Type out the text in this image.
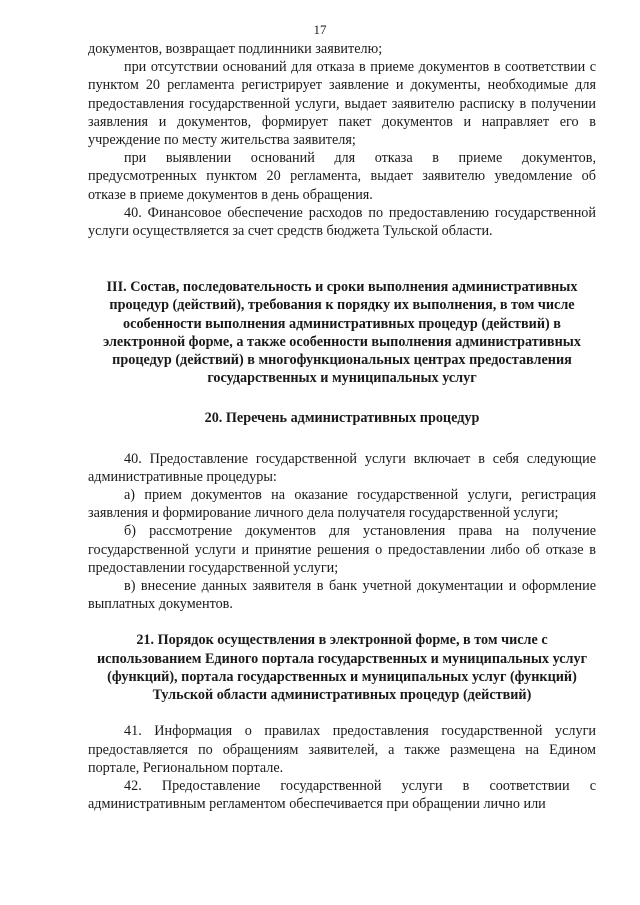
17

документов, возвращает подлинники заявителю;

при отсутствии оснований для отказа в приеме документов в соответствии с пунктом 20 регламента регистрирует заявление и документы, необходимые для предоставления государственной услуги, выдает заявителю расписку в получении заявления и документов, формирует пакет документов и направляет его в учреждение по месту жительства заявителя;

при выявлении оснований для отказа в приеме документов, предусмотренных пунктом 20 регламента, выдает заявителю уведомление об отказе в приеме документов в день обращения.

40. Финансовое обеспечение расходов по предоставлению государственной услуги осуществляется за счет средств бюджета Тульской области.

III. Состав, последовательность и сроки выполнения административных процедур (действий), требования к порядку их выполнения, в том числе особенности выполнения административных процедур (действий) в электронной форме, а также особенности выполнения административных процедур (действий) в многофункциональных центрах предоставления государственных и муниципальных услуг

20. Перечень административных процедур

40. Предоставление государственной услуги включает в себя следующие административные процедуры:

а) прием документов на оказание государственной услуги, регистрация заявления и формирование личного дела получателя государственной услуги;

б) рассмотрение документов для установления права на получение государственной услуги и принятие решения о предоставлении либо об отказе в предоставлении государственной услуги;

в) внесение данных заявителя в банк учетной документации и оформление выплатных документов.

21. Порядок осуществления в электронной форме, в том числе с использованием Единого портала государственных и муниципальных услуг (функций), портала государственных и муниципальных услуг (функций) Тульской области административных процедур (действий)

41. Информация о правилах предоставления государственной услуги предоставляется по обращениям заявителей, а также размещена на Едином портале, Региональном портале.

42. Предоставление государственной услуги в соответствии с административным регламентом обеспечивается при обращении лично или
